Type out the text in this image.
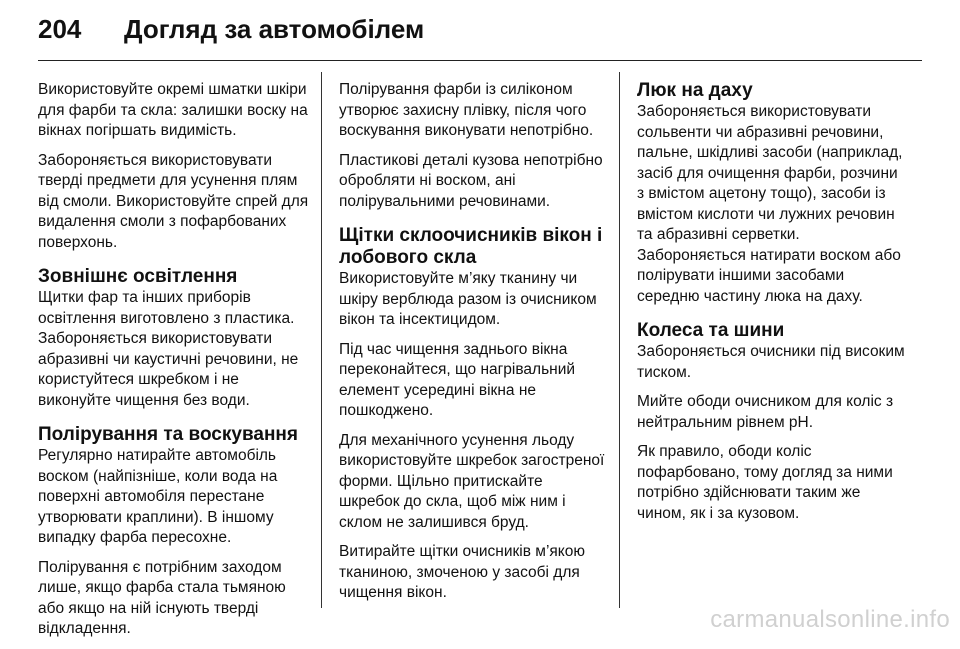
204	Догляд за автомобілем

Використовуйте окремі шматки шкіри для фарби та скла: залишки воску на вікнах погіршать видимість.

Забороняється використовувати тверді предмети для усунення плям від смоли. Використовуйте спрей для видалення смоли з пофарбованих поверхонь.

Зовнішнє освітлення

Щитки фар та інших приборів освітлення виготовлено з пластика. Забороняється використовувати абразивні чи каустичні речовини, не користуйтеся шкребком і не виконуйте чищення без води.

Полірування та воскування

Регулярно натирайте автомобіль воском (найпізніше, коли вода на поверхні автомобіля перестане утворювати краплини). В іншому випадку фарба пересохне.

Полірування є потрібним заходом лише, якщо фарба стала тьмяною або якщо на ній існують тверді відкладення.

Полірування фарби із силіконом утворює захисну плівку, після чого воскування виконувати непотрібно.

Пластикові деталі кузова непотрібно обробляти ні воском, ані полірувальними речовинами.

Щітки склоочисників вікон і лобового скла

Використовуйте м’яку тканину чи шкіру верблюда разом із очисником вікон та інсектицидом.

Під час чищення заднього вікна переконайтеся, що нагрівальний елемент усередині вікна не пошкоджено.

Для механічного усунення льоду використовуйте шкребок загостреної форми. Щільно притискайте шкребок до скла, щоб між ним і склом не залишився бруд.

Витирайте щітки очисників м’якою тканиною, змоченою у засобі для чищення вікон.

Люк на даху

Забороняється використовувати сольвенти чи абразивні речовини, пальне, шкідливі засоби (наприклад, засіб для очищення фарби, розчини з вмістом ацетону тощо), засоби із вмістом кислоти чи лужних речовин та абразивні серветки. Забороняється натирати воском або полірувати іншими засобами середню частину люка на даху.

Колеса та шини

Забороняється очисники під високим тиском.

Мийте ободи очисником для коліс з нейтральним рівнем pH.

Як правило, ободи коліс пофарбовано, тому догляд за ними потрібно здійснювати таким же чином, як і за кузовом.

carmanualsonline.info
